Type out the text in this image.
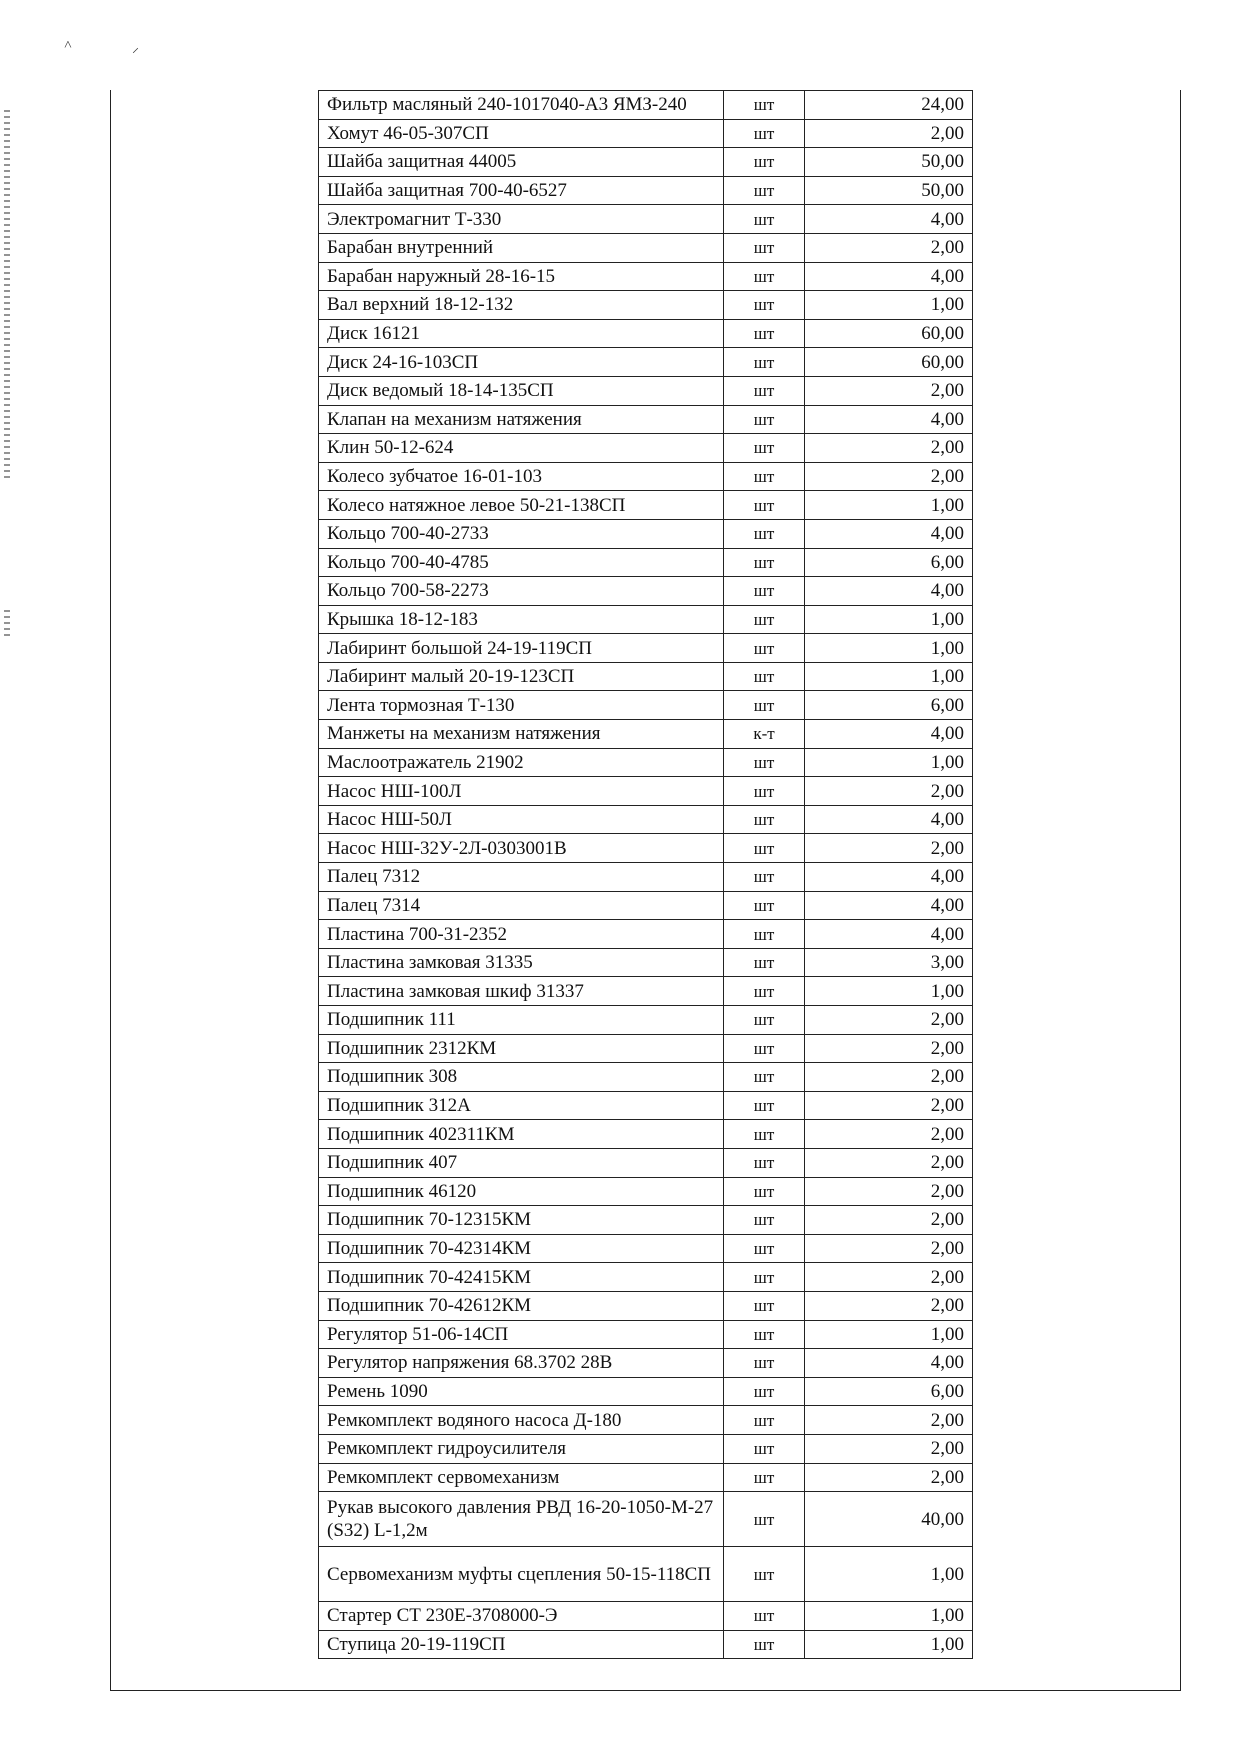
˄	⸝
Фильтр масляный 240-1017040-А3 ЯМЗ-240	шт	24,00
Хомут 46-05-307СП	шт	2,00
Шайба защитная 44005	шт	50,00
Шайба защитная 700-40-6527	шт	50,00
Электромагнит Т-330	шт	4,00
Барабан внутренний	шт	2,00
Барабан наружный 28-16-15	шт	4,00
Вал верхний 18-12-132	шт	1,00
Диск 16121	шт	60,00
Диск 24-16-103СП	шт	60,00
Диск ведомый 18-14-135СП	шт	2,00
Клапан на механизм натяжения	шт	4,00
Клин 50-12-624	шт	2,00
Колесо зубчатое 16-01-103	шт	2,00
Колесо натяжное левое 50-21-138СП	шт	1,00
Кольцо 700-40-2733	шт	4,00
Кольцо 700-40-4785	шт	6,00
Кольцо 700-58-2273	шт	4,00
Крышка 18-12-183	шт	1,00
Лабиринт большой 24-19-119СП	шт	1,00
Лабиринт малый 20-19-123СП	шт	1,00
Лента тормозная Т-130	шт	6,00
Манжеты на механизм натяжения	к-т	4,00
Маслоотражатель 21902	шт	1,00
Насос НШ-100Л	шт	2,00
Насос НШ-50Л	шт	4,00
Насос НШ-32У-2Л-0303001В	шт	2,00
Палец 7312	шт	4,00
Палец 7314	шт	4,00
Пластина 700-31-2352	шт	4,00
Пластина замковая 31335	шт	3,00
Пластина замковая шкиф 31337	шт	1,00
Подшипник 111	шт	2,00
Подшипник 2312КМ	шт	2,00
Подшипник 308	шт	2,00
Подшипник 312А	шт	2,00
Подшипник 402311КМ	шт	2,00
Подшипник 407	шт	2,00
Подшипник 46120	шт	2,00
Подшипник 70-12315КМ	шт	2,00
Подшипник 70-42314КМ	шт	2,00
Подшипник 70-42415КМ	шт	2,00
Подшипник 70-42612КМ	шт	2,00
Регулятор 51-06-14СП	шт	1,00
Регулятор напряжения 68.3702 28В	шт	4,00
Ремень 1090	шт	6,00
Ремкомплект водяного насоса Д-180	шт	2,00
Ремкомплект гидроусилителя	шт	2,00
Ремкомплект сервомеханизм	шт	2,00
Рукав высокого давления РВД 16-20-1050-М-27 (S32) L-1,2м	шт	40,00
Сервомеханизм муфты сцепления 50-15-118СП	шт	1,00
Стартер СТ 230Е-3708000-Э	шт	1,00
Ступица 20-19-119СП	шт	1,00
